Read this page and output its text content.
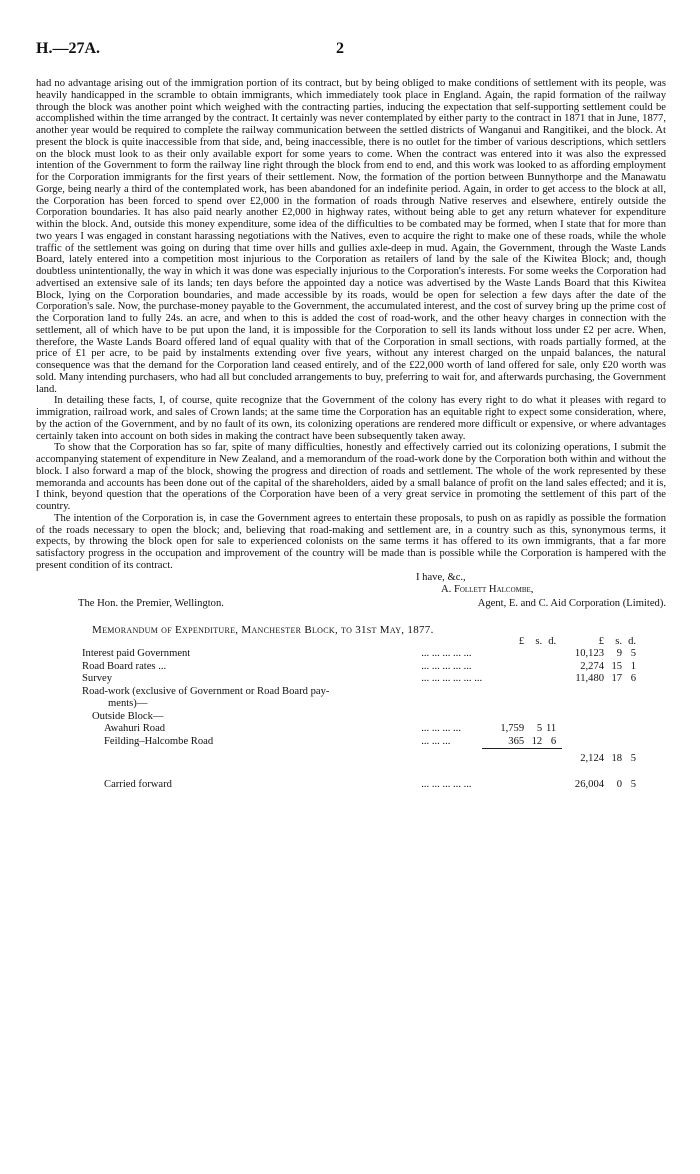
H.—27A.	2

had no advantage arising out of the immigration portion of its contract, but by being obliged to make conditions of settlement with its people, was heavily handicapped in the scramble to obtain immigrants, which immediately took place in England. Again, the rapid formation of the railway through the block was another point which weighed with the contracting parties, inducing the expectation that self-supporting settlement could be accomplished within the time arranged by the contract. It certainly was never contemplated by either party to the contract in 1871 that in June, 1877, another year would be required to complete the railway communication between the settled districts of Wanganui and Rangitikei, and the block. At present the block is quite inaccessible from that side, and, being inaccessible, there is no outlet for the timber of various descriptions, which settlers on the block must look to as their only available export for some years to come. When the contract was entered into it was also the expressed intention of the Government to form the railway line right through the block from end to end, and this work was looked to as affording employment for the Corporation immigrants for the first years of their settlement. Now, the formation of the portion between Bunnythorpe and the Manawatu Gorge, being nearly a third of the contemplated work, has been abandoned for an indefinite period. Again, in order to get access to the block at all, the Corporation has been forced to spend over £2,000 in the formation of roads through Native reserves and elsewhere, entirely outside the Corporation boundaries. It has also paid nearly another £2,000 in highway rates, without being able to get any return whatever for expenditure within the block. And, outside this money expenditure, some idea of the difficulties to be combated may be formed, when I state that for more than two years I was engaged in constant harassing negotiations with the Natives, even to acquire the right to make one of these roads, while the whole traffic of the settlement was going on during that time over hills and gullies axle-deep in mud. Again, the Government, through the Waste Lands Board, lately entered into a competition most injurious to the Corporation as retailers of land by the sale of the Kiwitea Block; and, though doubtless unintentionally, the way in which it was done was especially injurious to the Corporation's interests. For some weeks the Corporation had advertised an extensive sale of its lands; ten days before the appointed day a notice was advertised by the Waste Lands Board that this Kiwitea Block, lying on the Corporation boundaries, and made accessible by its roads, would be open for selection a few days after the date of the Corporation's sale. Now, the purchase-money payable to the Government, the accumulated interest, and the cost of survey bring up the prime cost of the Corporation land to fully 24s. an acre, and when to this is added the cost of road-work, and the other heavy charges in connection with the settlement, all of which have to be put upon the land, it is impossible for the Corporation to sell its lands without loss under £2 per acre. When, therefore, the Waste Lands Board offered land of equal quality with that of the Corporation in small sections, with roads partially formed, at the price of £1 per acre, to be paid by instalments extending over five years, without any interest charged on the unpaid balances, the natural consequence was that the demand for the Corporation land ceased entirely, and of the £22,000 worth of land offered for sale, only £20 worth was sold. Many intending purchasers, who had all but concluded arrangements to buy, preferring to wait for, and afterwards purchasing, the Government land.

In detailing these facts, I, of course, quite recognize that the Government of the colony has every right to do what it pleases with regard to immigration, railroad work, and sales of Crown lands; at the same time the Corporation has an equitable right to expect some consideration, where, by the action of the Government, and by no fault of its own, its colonizing operations are rendered more difficult or expensive, or where advantages certainly taken into account on both sides in making the contract have been subsequently taken away.

To show that the Corporation has so far, spite of many difficulties, honestly and effectively carried out its colonizing operations, I submit the accompanying statement of expenditure in New Zealand, and a memorandum of the road-work done by the Corporation both within and without the block. I also forward a map of the block, showing the progress and direction of roads and settlement. The whole of the work represented by these memoranda and accounts has been done out of the capital of the shareholders, aided by a small balance of profit on the land sales effected; and it is, I think, beyond question that the operations of the Corporation have been of a very great service in promoting the settlement of this part of the country.

The intention of the Corporation is, in case the Government agrees to entertain these proposals, to push on as rapidly as possible the formation of the roads necessary to open the block; and, believing that road-making and settlement are, in a country such as this, synonymous terms, it expects, by throwing the block open for sale to experienced colonists on the same terms it has offered to its own immigrants, that a far more satisfactory progress in the occupation and improvement of the country will be made than is possible while the Corporation is hampered with the present condition of its contract.

I have, &c.,
A. Follett Halcombe,
The Hon. the Premier, Wellington.	Agent, E. and C. Aid Corporation (Limited).
Memorandum of Expenditure, Manchester Block, to 31st May, 1877.
		£ s. d.	£ s. d.
Interest paid Government	... ... ... ... ...		10,123 9 5
Road Board rates ...	... ... ... ... ...		2,274 15 1
Survey	... ... ... ... ... ...		11,480 17 6
Road-work (exclusive of Government or Road Board pay-			
ments)—			
Outside Block—			
Awahuri Road	... ... ... ...	1,759 5 11	
Feilding–Halcombe Road	... ... ...	365 12 6	
			2,124 18 5
Carried forward	... ... ... ... ...		26,004 0 5
